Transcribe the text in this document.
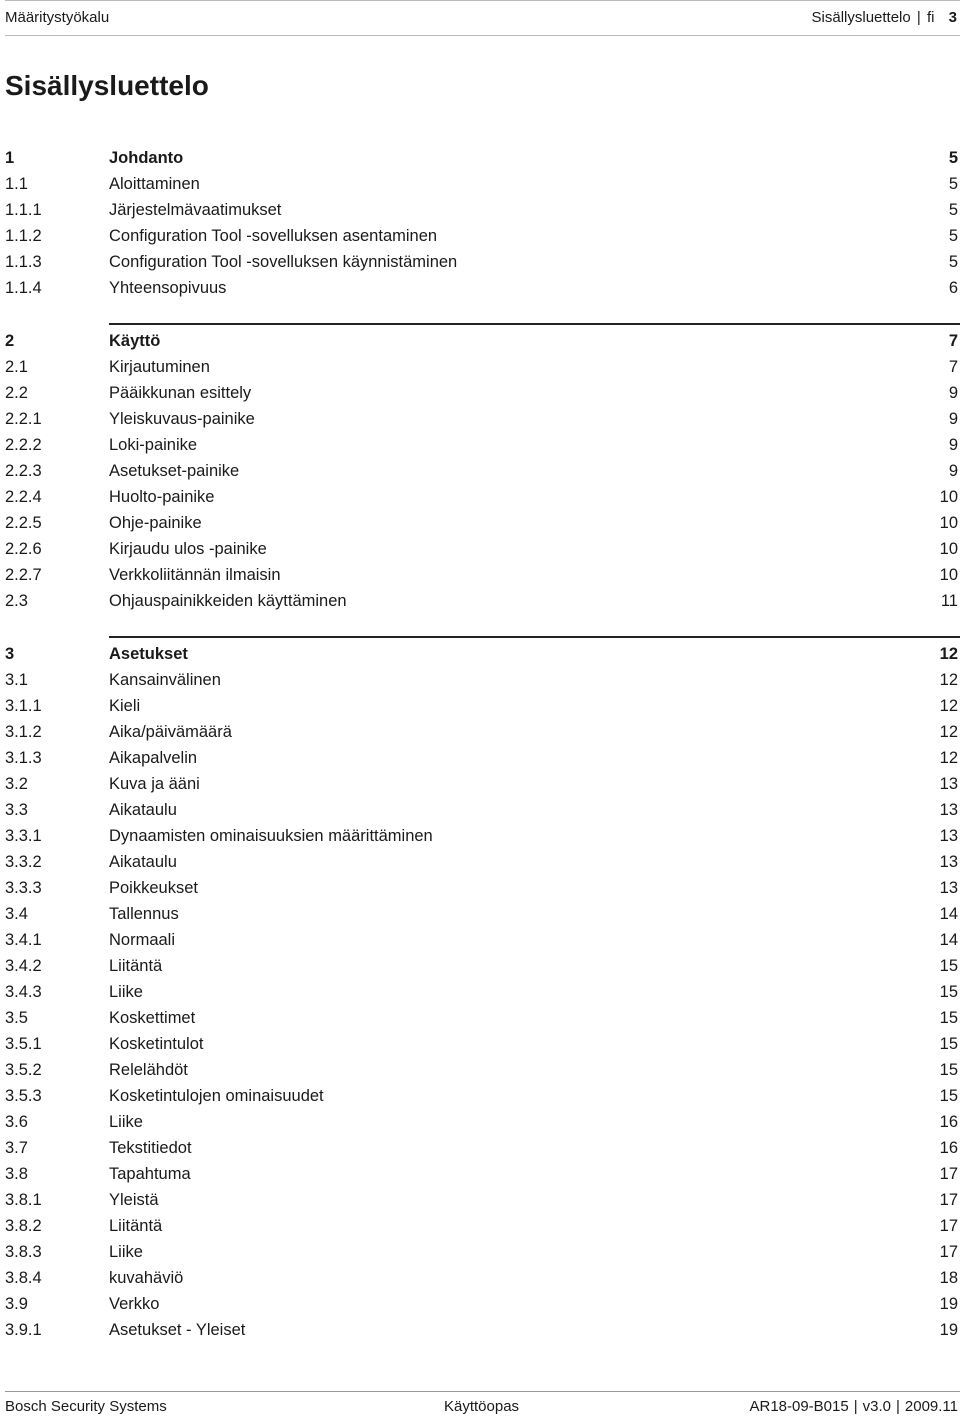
Määritystyökalu	Sisällysluettelo | fi 3
Sisällysluettelo
1	Johdanto	5
1.1	Aloittaminen	5
1.1.1	Järjestelmävaatimukset	5
1.1.2	Configuration Tool -sovelluksen asentaminen	5
1.1.3	Configuration Tool -sovelluksen käynnistäminen	5
1.1.4	Yhteensopivuus	6
2	Käyttö	7
2.1	Kirjautuminen	7
2.2	Pääikkunan esittely	9
2.2.1	Yleiskuvaus-painike	9
2.2.2	Loki-painike	9
2.2.3	Asetukset-painike	9
2.2.4	Huolto-painike	10
2.2.5	Ohje-painike	10
2.2.6	Kirjaudu ulos -painike	10
2.2.7	Verkkoliitännän ilmaisin	10
2.3	Ohjauspainikkeiden käyttäminen	11
3	Asetukset	12
3.1	Kansainvälinen	12
3.1.1	Kieli	12
3.1.2	Aika/päivämäärä	12
3.1.3	Aikapalvelin	12
3.2	Kuva ja ääni	13
3.3	Aikataulu	13
3.3.1	Dynaamisten ominaisuuksien määrittäminen	13
3.3.2	Aikataulu	13
3.3.3	Poikkeukset	13
3.4	Tallennus	14
3.4.1	Normaali	14
3.4.2	Liitäntä	15
3.4.3	Liike	15
3.5	Koskettimet	15
3.5.1	Kosketintulot	15
3.5.2	Relelähdöt	15
3.5.3	Kosketintulojen ominaisuudet	15
3.6	Liike	16
3.7	Tekstitiedot	16
3.8	Tapahtuma	17
3.8.1	Yleistä	17
3.8.2	Liitäntä	17
3.8.3	Liike	17
3.8.4	kuvahäviö	18
3.9	Verkko	19
3.9.1	Asetukset - Yleiset	19
Bosch Security Systems	Käyttöopas	AR18-09-B015 | v3.0 | 2009.11
